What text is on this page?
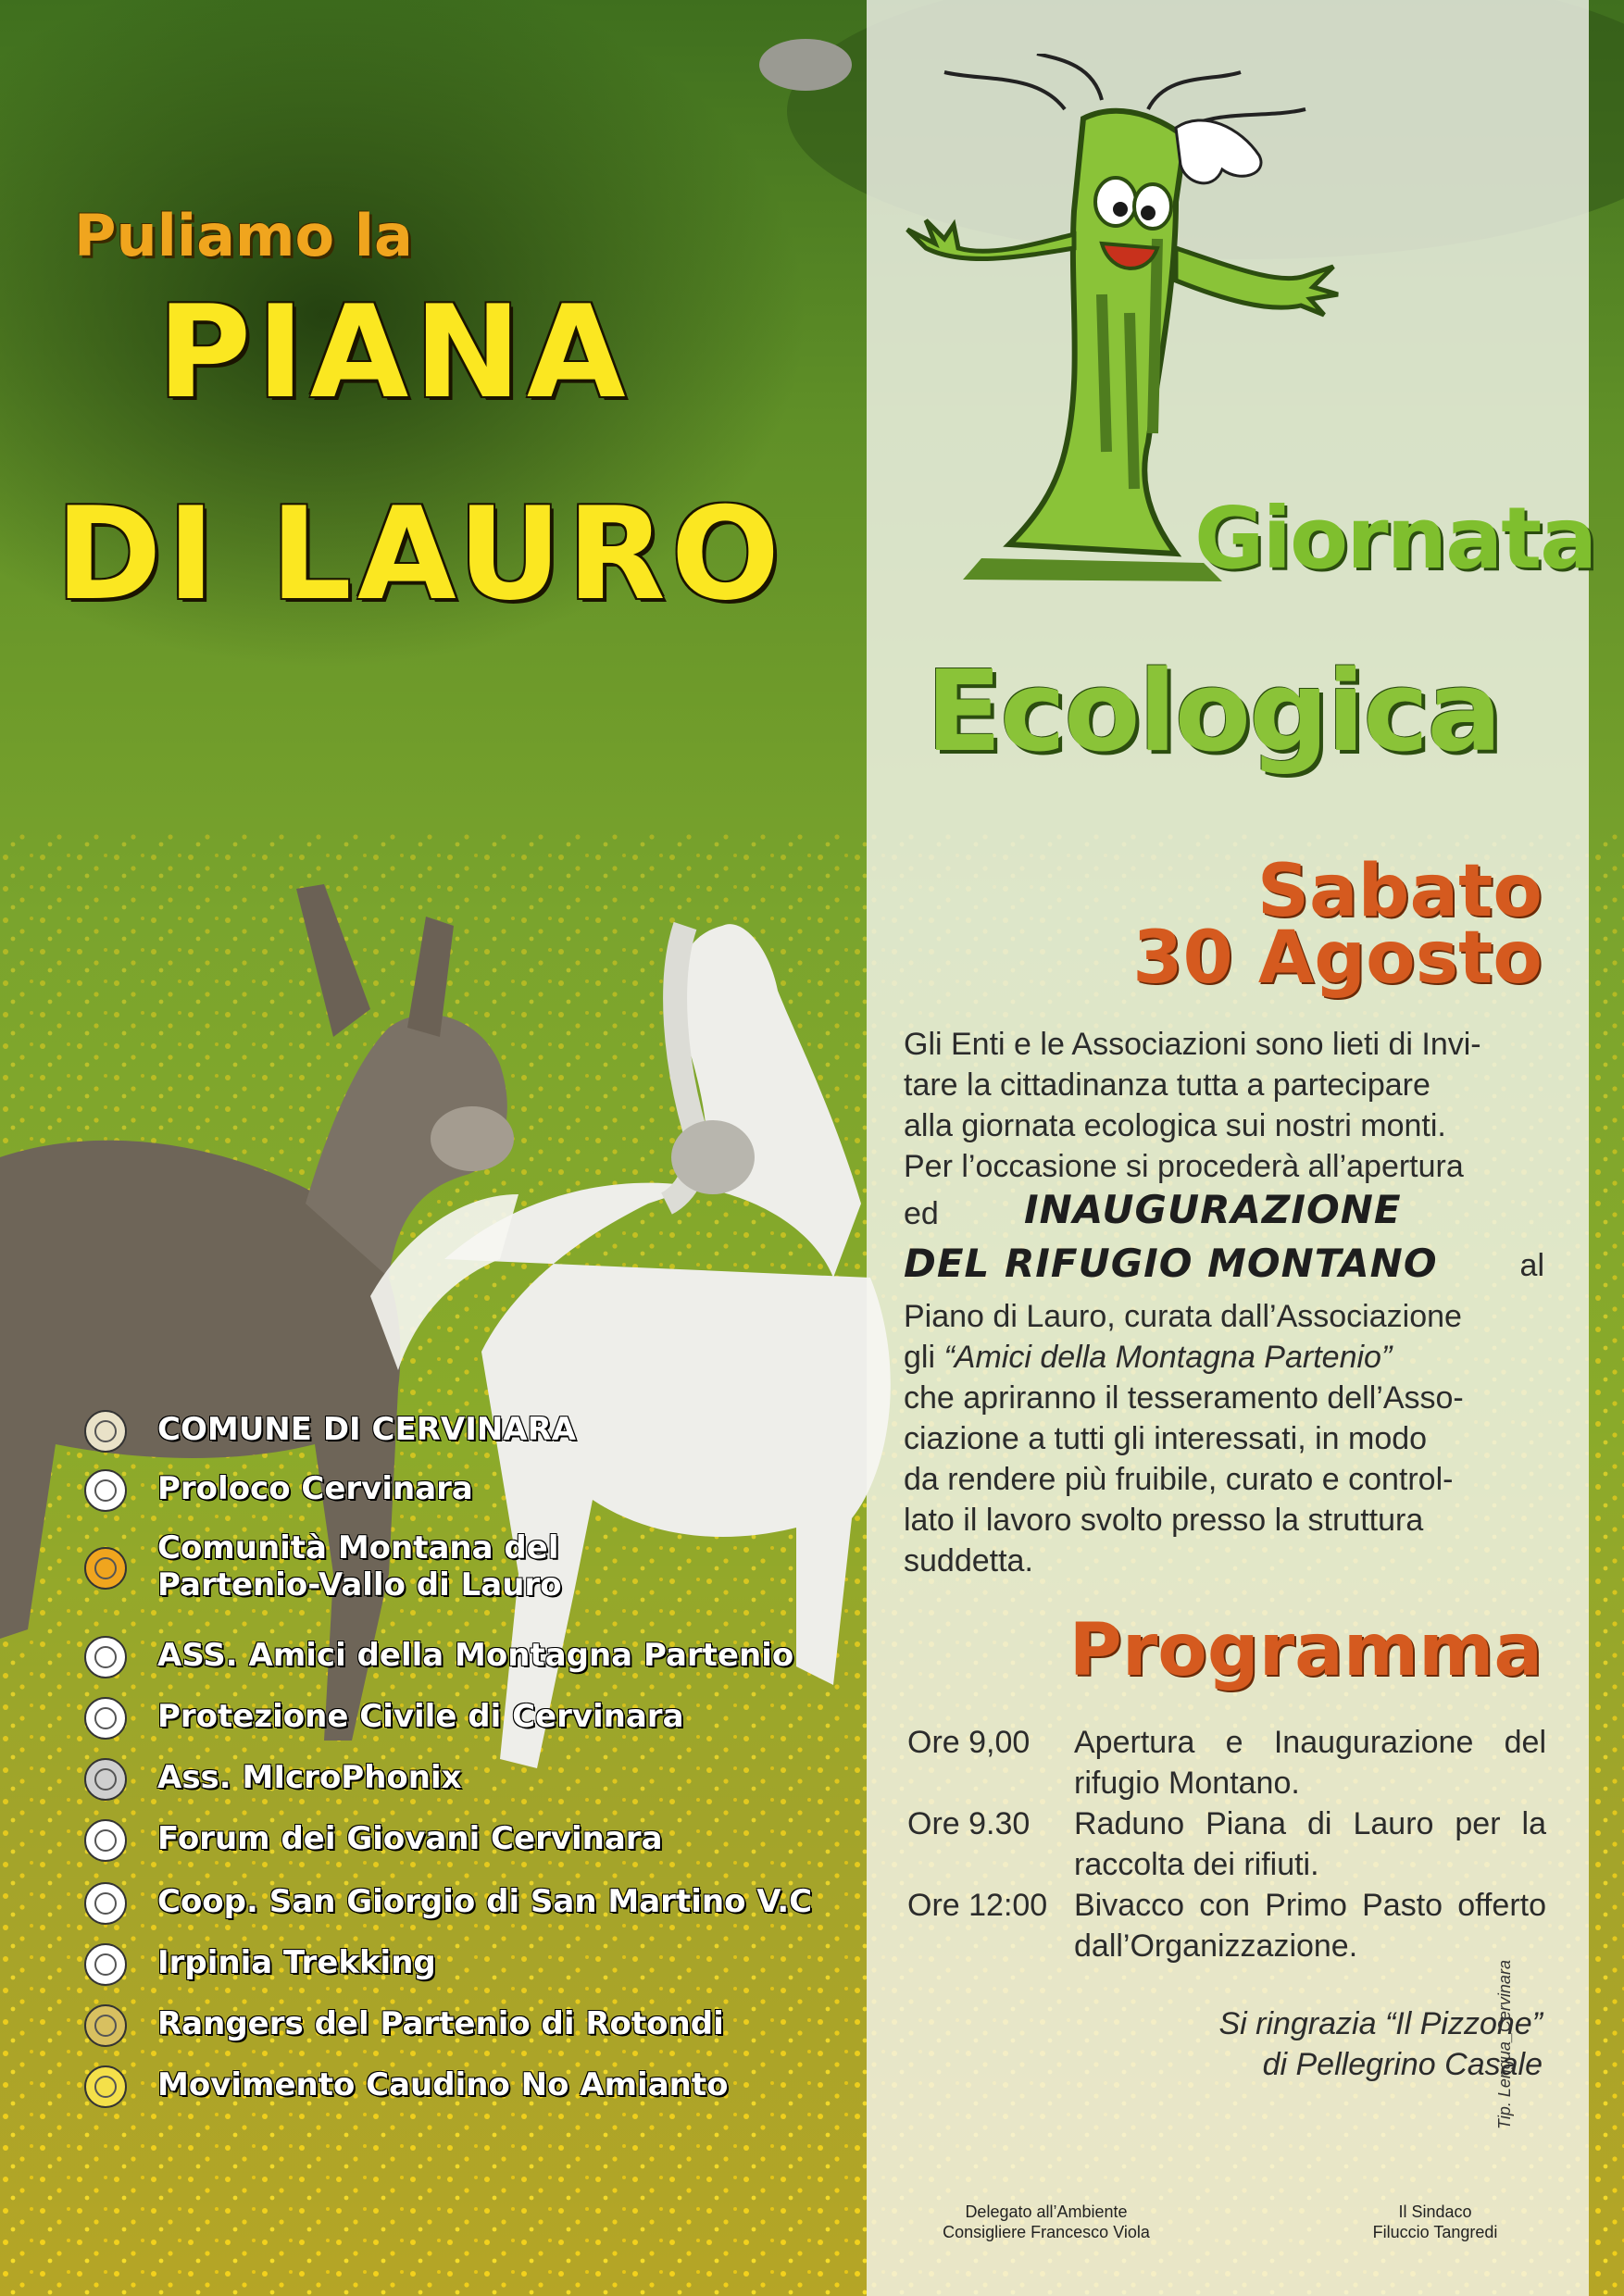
Puliamo la
PIANA
DI LAURO	Giornata
Ecologica
Sabato
30 Agosto
Gli Enti e le Associazioni sono lieti di Invi-
tare la cittadinanza tutta a partecipare
alla giornata ecologica sui nostri monti.
Per l’occasione si procederà all’apertura
ed INAUGURAZIONE
DEL RIFUGIO MONTANO	al
Piano di Lauro, curata dall’Associazione
gli “Amici della Montagna Partenio”
che apriranno il tesseramento dell’Asso-
ciazione a tutti gli interessati, in modo
da rendere più fruibile, curato e control-
lato il lavoro svolto presso la struttura
suddetta.
Programma
Ore 9,00	Apertura e Inaugurazione del rifugio Montano.
Ore 9.30	Raduno Piana di Lauro per la raccolta dei rifiuti.
Ore 12:00 Bivacco con Primo Pasto offerto dall’Organizzazione.
Si ringrazia “Il Pizzone”
di Pellegrino Casale
Delegato all’Ambiente
Consigliere Francesco Viola
Il Sindaco
Filuccio Tangredi
Tip. Lengua_Cervinara
COMUNE DI CERVINARA
Proloco Cervinara
Comunità Montana del
Partenio-Vallo di Lauro
ASS. Amici della Montagna Partenio
Protezione Civile di Cervinara
Ass. MIcroPhonix
Forum dei Giovani Cervinara
Coop. San Giorgio di San Martino V.C
Irpinia Trekking
Rangers del Partenio di Rotondi
Movimento Caudino No Amianto
